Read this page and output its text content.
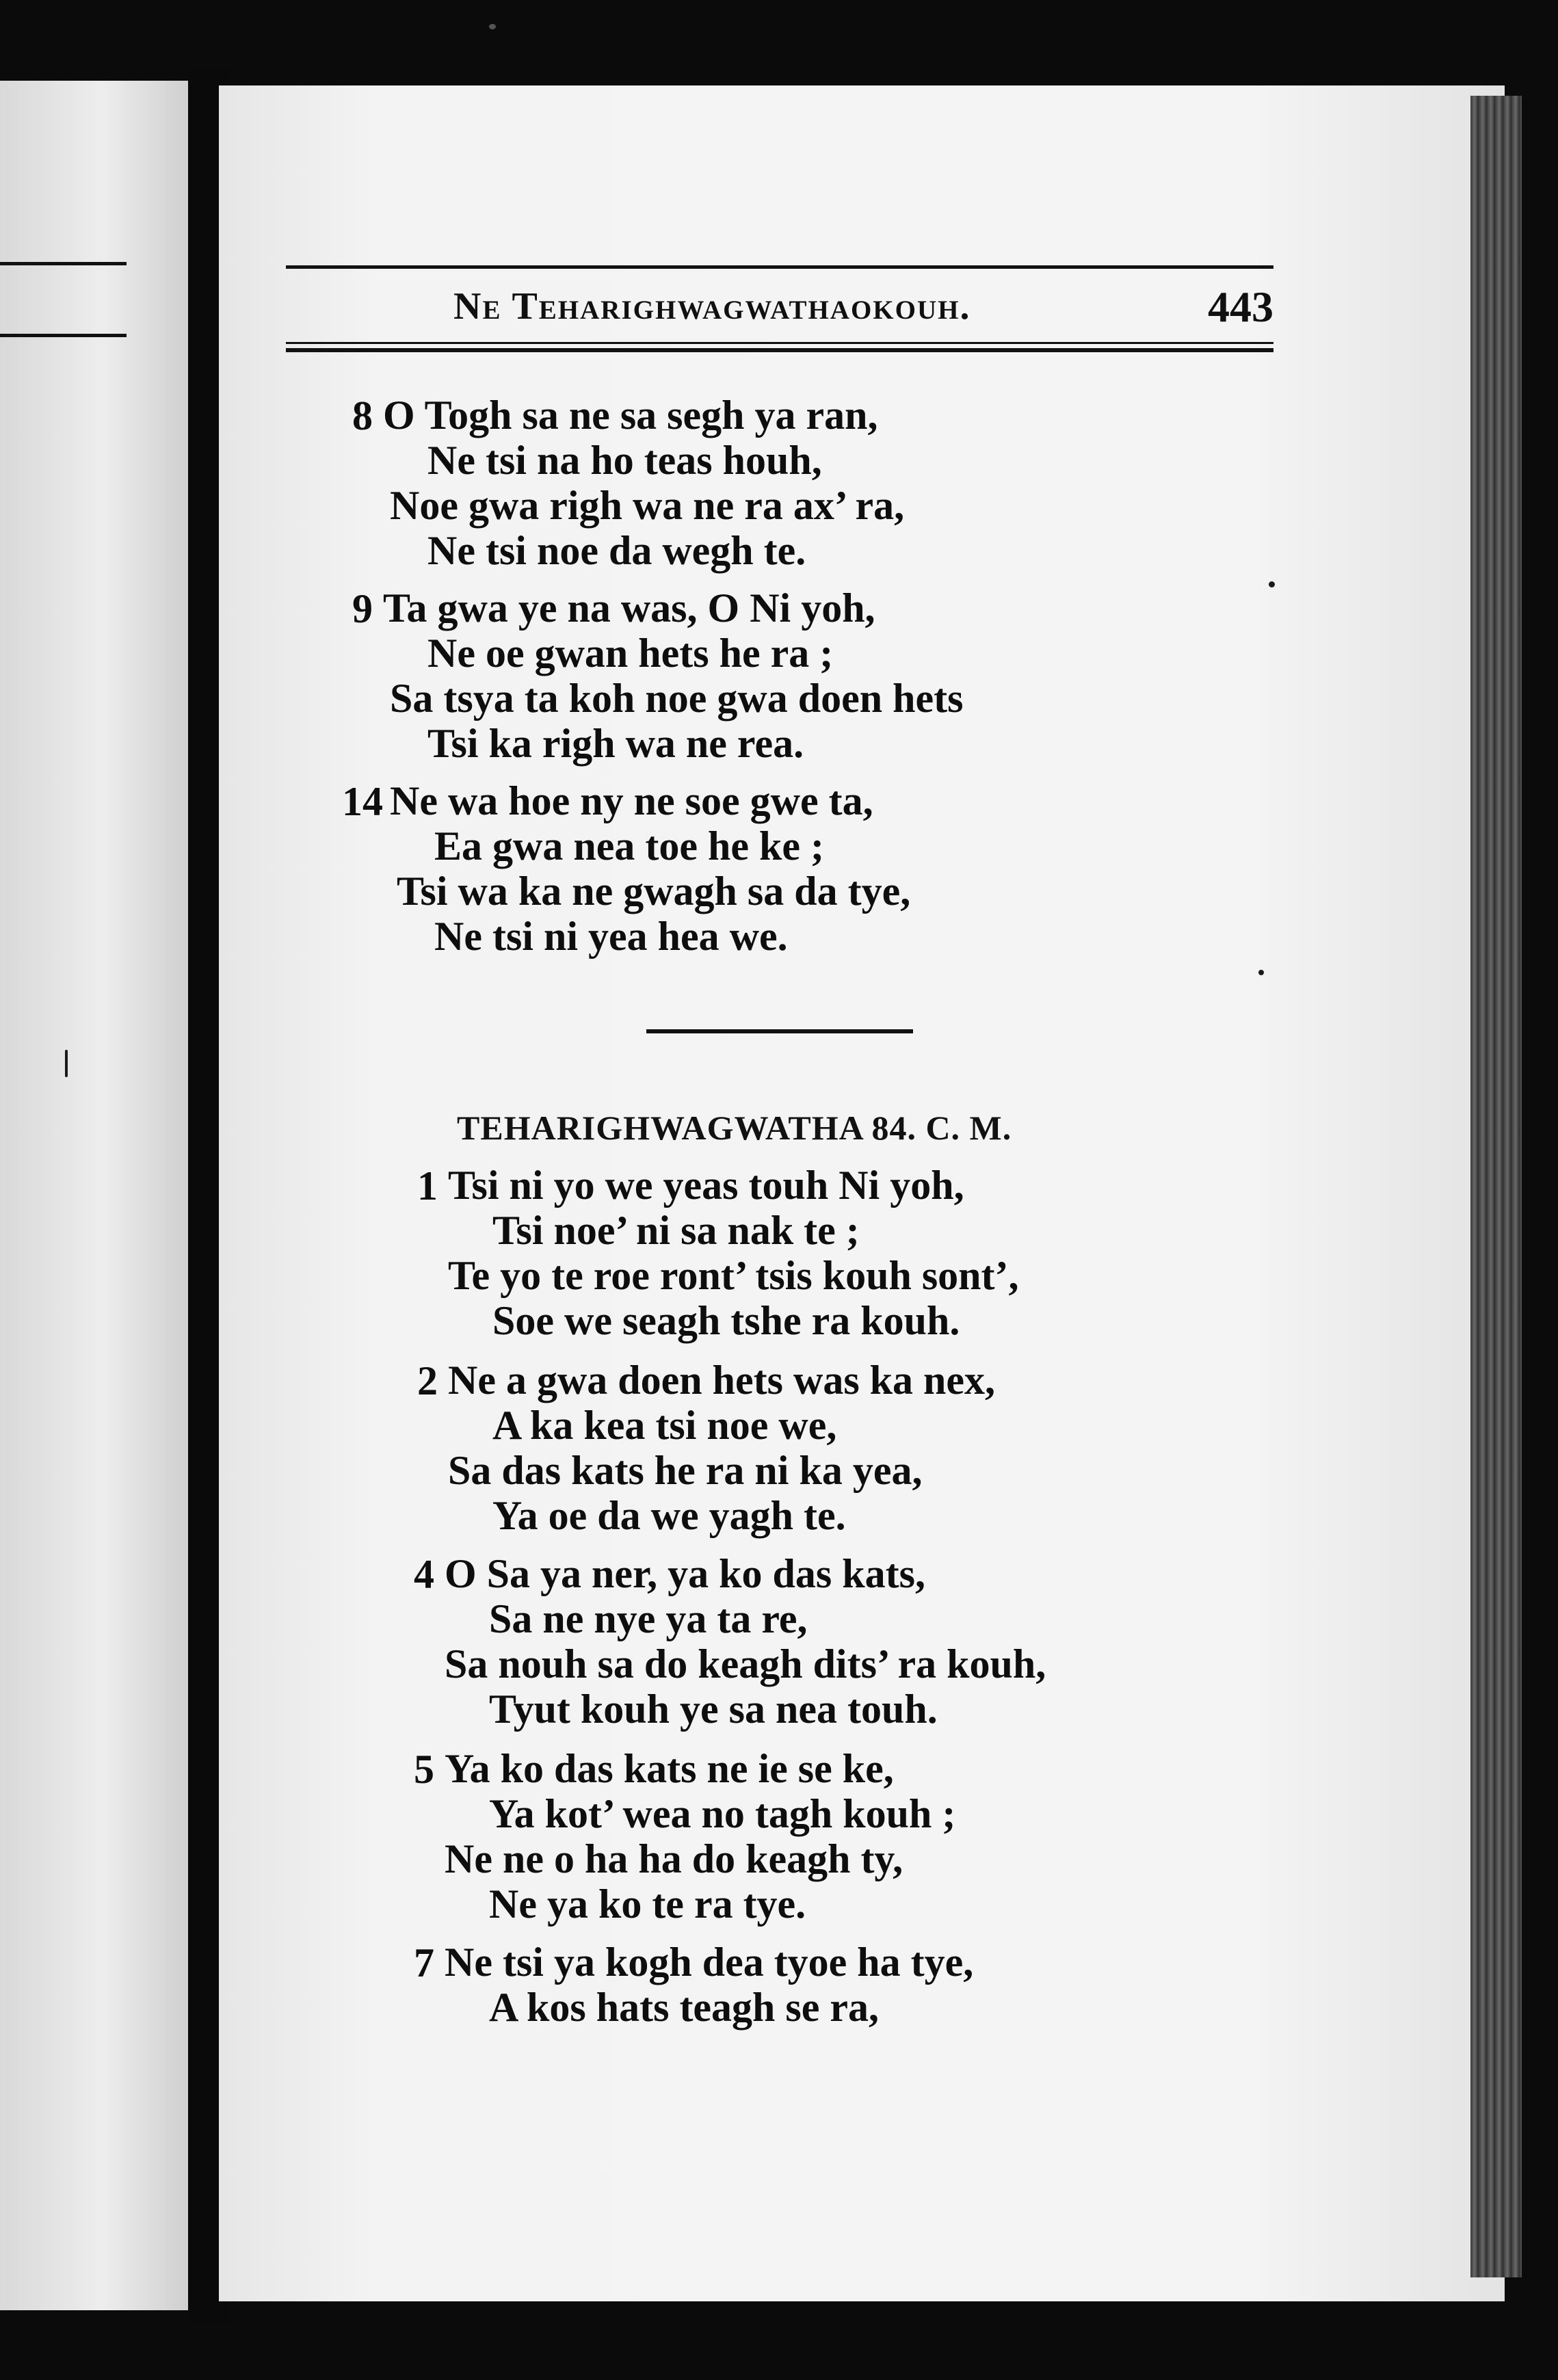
Ne Teharighwagwathaokouh.	443
8 O Togh sa ne sa segh ya ran,
Ne tsi na ho teas houh,
Noe gwa righ wa ne ra ax’ ra,
Ne tsi noe da wegh te.
9 Ta gwa ye na was, O Ni yoh,
Ne oe gwan hets he ra ;
Sa tsya ta koh noe gwa doen hets
Tsi ka righ wa ne rea.
14 Ne wa hoe ny ne soe gwe ta,
Ea gwa nea toe he ke ;
Tsi wa ka ne gwagh sa da tye,
Ne tsi ni yea hea we.
TEHARIGHWAGWATHA 84. C. M.
1 Tsi ni yo we yeas touh Ni yoh,
Tsi noe’ ni sa nak te ;
Te yo te roe ront’ tsis kouh sont’,
Soe we seagh tshe ra kouh.
2 Ne a gwa doen hets was ka nex,
A ka kea tsi noe we,
Sa das kats he ra ni ka yea,
Ya oe da we yagh te.
4 O Sa ya ner, ya ko das kats,
Sa ne nye ya ta re,
Sa nouh sa do keagh dits’ ra kouh,
Tyut kouh ye sa nea touh.
5 Ya ko das kats ne ie se ke,
Ya kot’ wea no tagh kouh ;
Ne ne o ha ha do keagh ty,
Ne ya ko te ra tye.
7 Ne tsi ya kogh dea tyoe ha tye,
A kos hats teagh se ra,
